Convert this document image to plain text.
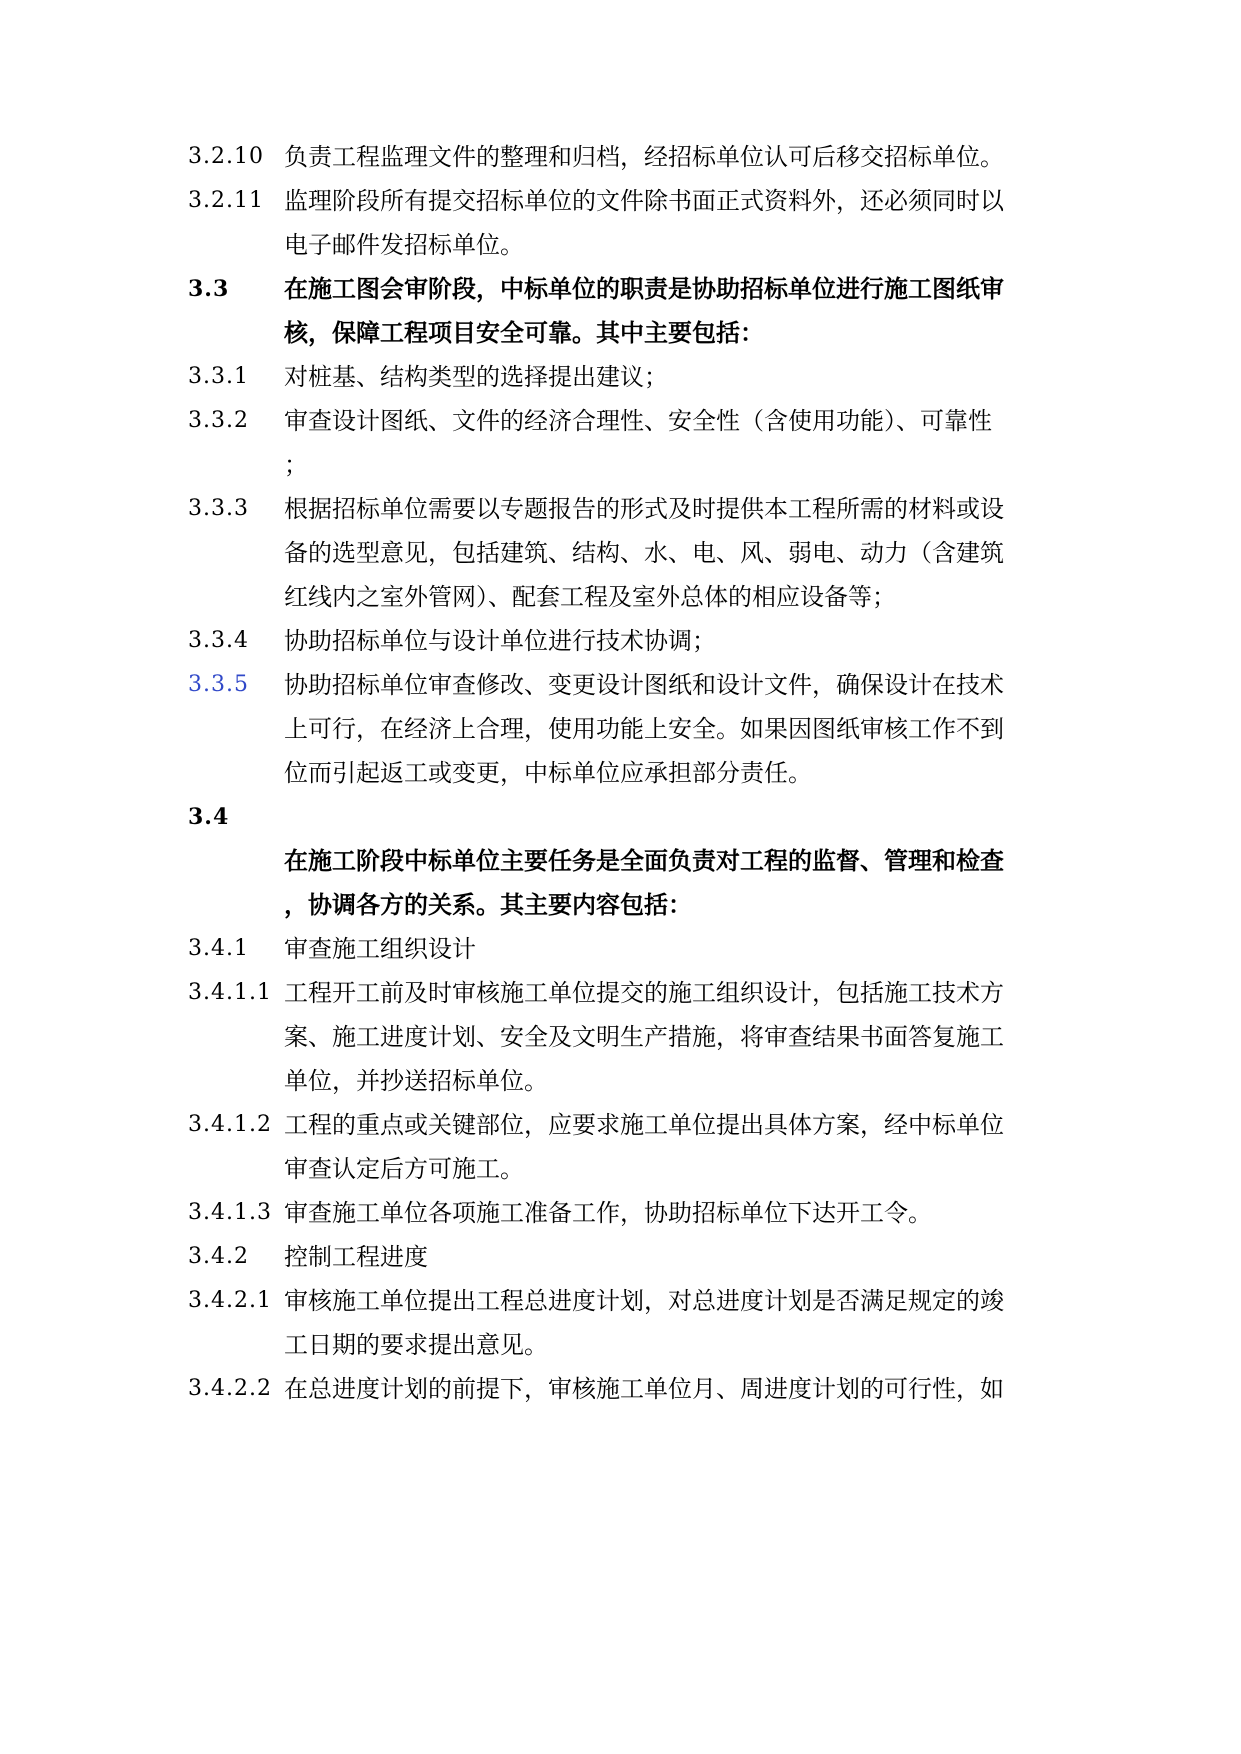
3.2.10 负责工程监理文件的整理和归档，经招标单位认可后移交招标单位。
3.2.11 监理阶段所有提交招标单位的文件除书面正式资料外，还必须同时以
电子邮件发招标单位。
3.3 在施工图会审阶段，中标单位的职责是协助招标单位进行施工图纸审
核，保障工程项目安全可靠。其中主要包括：
3.3.1 对桩基、结构类型的选择提出建议；
3.3.2 审查设计图纸、文件的经济合理性、安全性（含使用功能）、可靠性
；
3.3.3 根据招标单位需要以专题报告的形式及时提供本工程所需的材料或设
备的选型意见，包括建筑、结构、水、电、风、弱电、动力（含建筑
红线内之室外管网）、配套工程及室外总体的相应设备等；
3.3.4 协助招标单位与设计单位进行技术协调；
3.3.5 协助招标单位审查修改、变更设计图纸和设计文件，确保设计在技术
上可行，在经济上合理，使用功能上安全。如果因图纸审核工作不到
位而引起返工或变更，中标单位应承担部分责任。
3.4
在施工阶段中标单位主要任务是全面负责对工程的监督、管理和检查
，协调各方的关系。其主要内容包括：
3.4.1 审查施工组织设计
3.4.1.1 工程开工前及时审核施工单位提交的施工组织设计，包括施工技术方
案、施工进度计划、安全及文明生产措施，将审查结果书面答复施工
单位，并抄送招标单位。
3.4.1.2 工程的重点或关键部位，应要求施工单位提出具体方案，经中标单位
审查认定后方可施工。
3.4.1.3 审查施工单位各项施工准备工作，协助招标单位下达开工令。
3.4.2 控制工程进度
3.4.2.1 审核施工单位提出工程总进度计划，对总进度计划是否满足规定的竣
工日期的要求提出意见。
3.4.2.2 在总进度计划的前提下，审核施工单位月、周进度计划的可行性，如
